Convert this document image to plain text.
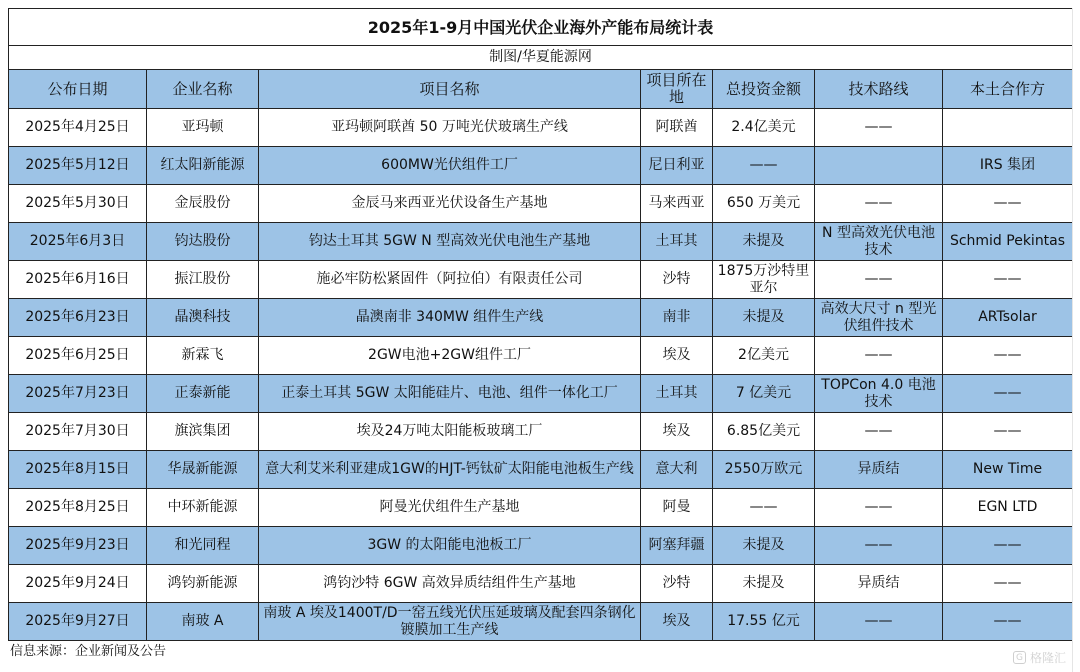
2025年1-9月中国光伏企业海外产能布局统计表						
制图/华夏能源网						
公布日期	企业名称	项目名称	项目所在地	总投资金额	技术路线	本土合作方
2025年4月25日	亚玛顿	亚玛顿阿联酋 50 万吨光伏玻璃生产线	阿联酋	2.4亿美元	——	
2025年5月12日	红太阳新能源	600MW光伏组件工厂	尼日利亚	——		IRS 集团
2025年5月30日	金辰股份	金辰马来西亚光伏设备生产基地	马来西亚	650 万美元	——	——
2025年6月3日	钧达股份	钧达土耳其 5GW N 型高效光伏电池生产基地	土耳其	未提及	N 型高效光伏电池技术	Schmid Pekintas
2025年6月16日	振江股份	施必牢防松紧固件（阿拉伯）有限责任公司	沙特	1875万沙特里亚尔	——	——
2025年6月23日	晶澳科技	晶澳南非 340MW 组件生产线	南非	未提及	高效大尺寸 n 型光伏组件技术	ARTsolar
2025年6月25日	新霖飞	2GW电池+2GW组件工厂	埃及	2亿美元	——	——
2025年7月23日	正泰新能	正泰土耳其 5GW 太阳能硅片、电池、组件一体化工厂	土耳其	7 亿美元	TOPCon 4.0 电池技术	——
2025年7月30日	旗滨集团	埃及24万吨太阳能板玻璃工厂	埃及	6.85亿美元	——	——
2025年8月15日	华晟新能源	意大利艾米利亚建成1GW的HJT-钙钛矿太阳能电池板生产线	意大利	2550万欧元	异质结	New Time
2025年8月25日	中环新能源	阿曼光伏组件生产基地	阿曼	——	——	EGN LTD
2025年9月23日	和光同程	3GW 的太阳能电池板工厂	阿塞拜疆	未提及	——	——
2025年9月24日	鸿钧新能源	鸿钧沙特 6GW 高效异质结组件生产基地	沙特	未提及	异质结	——
2025年9月27日	南玻 A	南玻 A 埃及1400T/D一窑五线光伏压延玻璃及配套四条钢化镀膜加工生产线	埃及	17.55 亿元	——	——
信息来源：企业新闻及公告	G 格隆汇
